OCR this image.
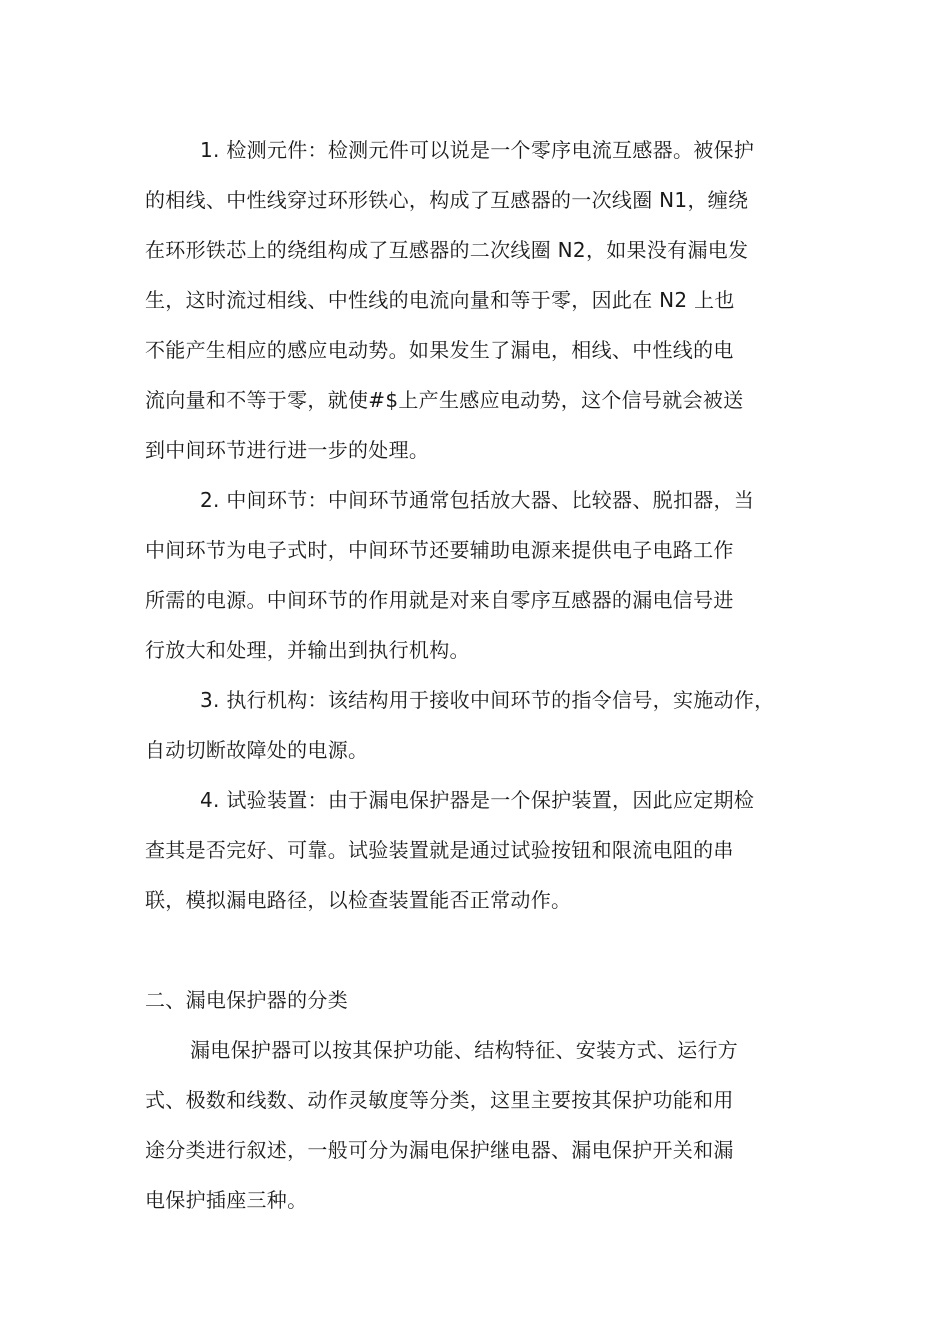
1. 检测元件：检测元件可以说是一个零序电流互感器。被保护
的相线、中性线穿过环形铁心，构成了互感器的一次线圈 N1，缠绕
在环形铁芯上的绕组构成了互感器的二次线圈 N2，如果没有漏电发
生，这时流过相线、中性线的电流向量和等于零，因此在 N2 上也
不能产生相应的感应电动势。如果发生了漏电，相线、中性线的电
流向量和不等于零，就使#$上产生感应电动势，这个信号就会被送
到中间环节进行进一步的处理。
2. 中间环节：中间环节通常包括放大器、比较器、脱扣器，当
中间环节为电子式时，中间环节还要辅助电源来提供电子电路工作
所需的电源。中间环节的作用就是对来自零序互感器的漏电信号进
行放大和处理，并输出到执行机构。
3. 执行机构：该结构用于接收中间环节的指令信号，实施动作，
自动切断故障处的电源。
4. 试验装置：由于漏电保护器是一个保护装置，因此应定期检
查其是否完好、可靠。试验装置就是通过试验按钮和限流电阻的串
联，模拟漏电路径，以检查装置能否正常动作。
二、漏电保护器的分类
漏电保护器可以按其保护功能、结构特征、安装方式、运行方
式、极数和线数、动作灵敏度等分类，这里主要按其保护功能和用
途分类进行叙述，一般可分为漏电保护继电器、漏电保护开关和漏
电保护插座三种。
